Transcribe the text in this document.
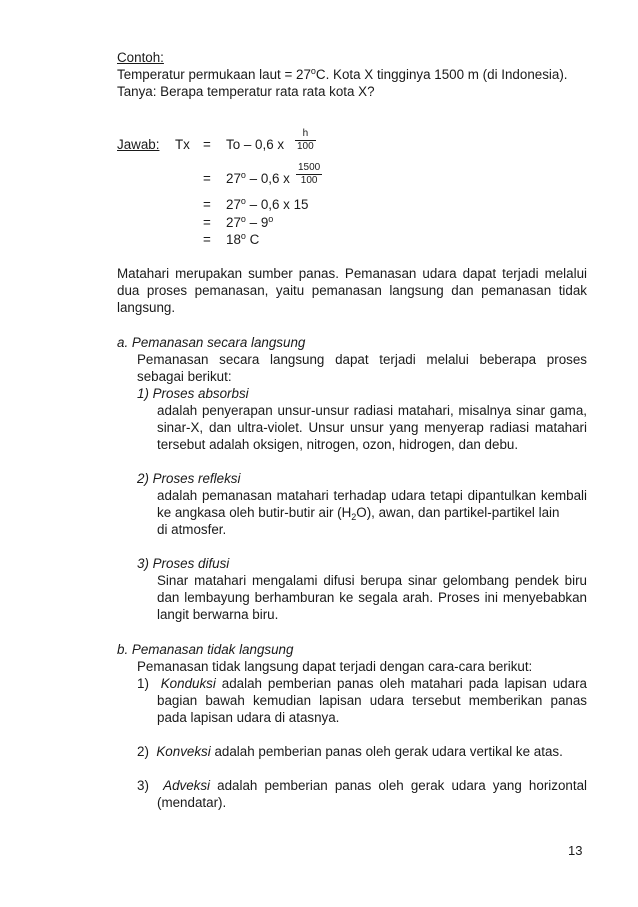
Contoh:
Temperatur permukaan laut = $27^oC$. Kota X tingginya 1500 m (di Indonesia).
Tanya: Berapa temperatur rata rata kota X?
Jawab: Tx = To – 0,6 x $\frac{h}{100}$
= $27^o - 0,6$ x $\frac{1500}{100}$
= $27^o - 0,6$ x 15
= $27^o - 9^o$
= $18^o$ C
Matahari merupakan sumber panas. Pemanasan udara dapat terjadi melalui
dua proses pemanasan, yaitu pemanasan langsung dan pemanasan tidak
langsung.
a. Pemanasan secara langsung
Pemanasan secara langsung dapat terjadi melalui beberapa proses
sebagai berikut:
1) Proses absorbsi
adalah penyerapan unsur-unsur radiasi matahari, misalnya sinar gama,
sinar-X, dan ultra-violet. Unsur unsur yang menyerap radiasi matahari
tersebut adalah oksigen, nitrogen, ozon, hidrogen, dan debu.
2) Proses refleksi
adalah pemanasan matahari terhadap udara tetapi dipantulkan kembali
ke angkasa oleh butir-butir air $(H_2O)$, awan, dan partikel-partikel lain
di atmosfer.
3) Proses difusi
Sinar matahari mengalami difusi berupa sinar gelombang pendek biru
dan lembayung berhamburan ke segala arah. Proses ini menyebabkan
langit berwarna biru.
b. Pemanasan tidak langsung
Pemanasan tidak langsung dapat terjadi dengan cara-cara berikut:
1) Konduksi adalah pemberian panas oleh matahari pada lapisan udara
bagian bawah kemudian lapisan udara tersebut memberikan panas
pada lapisan udara di atasnya.
2) Konveksi adalah pemberian panas oleh gerak udara vertikal ke atas.
3) Adveksi adalah pemberian panas oleh gerak udara yang horizontal
(mendatar).
13
